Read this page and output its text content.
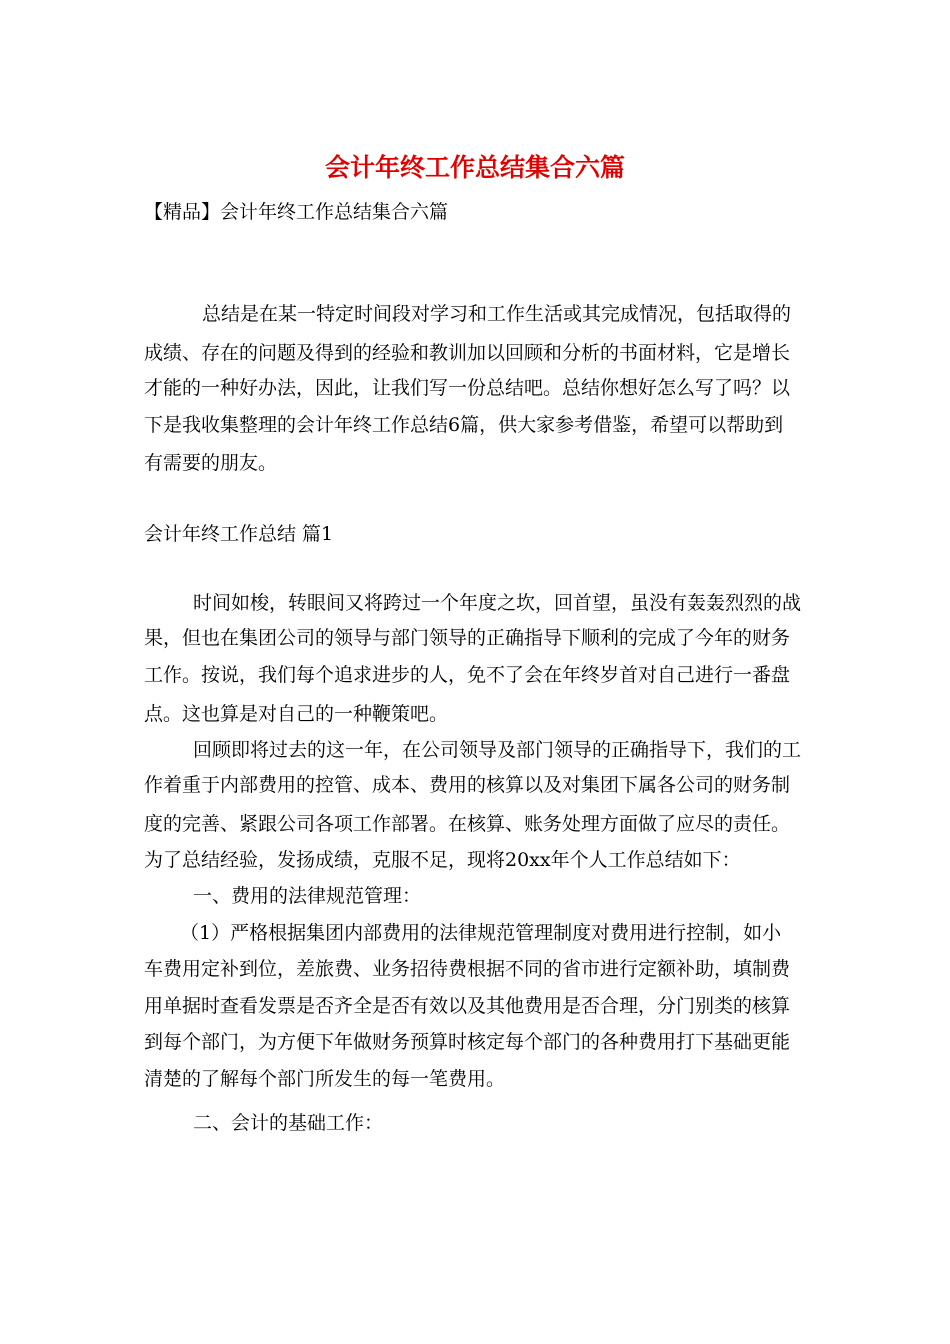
会计年终工作总结集合六篇
【精品】会计年终工作总结集合六篇
总结是在某一特定时间段对学习和工作生活或其完成情况，包括取得的
成绩、存在的问题及得到的经验和教训加以回顾和分析的书面材料，它是增长
才能的一种好办法，因此，让我们写一份总结吧。总结你想好怎么写了吗？以
下是我收集整理的会计年终工作总结6篇，供大家参考借鉴，希望可以帮助到
有需要的朋友。
会计年终工作总结 篇1
时间如梭，转眼间又将跨过一个年度之坎，回首望，虽没有轰轰烈烈的战
果，但也在集团公司的领导与部门领导的正确指导下顺利的完成了今年的财务
工作。按说，我们每个追求进步的人，免不了会在年终岁首对自己进行一番盘
点。这也算是对自己的一种鞭策吧。
回顾即将过去的这一年，在公司领导及部门领导的正确指导下，我们的工
作着重于内部费用的控管、成本、费用的核算以及对集团下属各公司的财务制
度的完善、紧跟公司各项工作部署。在核算、账务处理方面做了应尽的责任。
为了总结经验，发扬成绩，克服不足，现将20xx年个人工作总结如下：
一、费用的法律规范管理：
（1）严格根据集团内部费用的法律规范管理制度对费用进行控制，如小
车费用定补到位，差旅费、业务招待费根据不同的省市进行定额补助，填制费
用单据时查看发票是否齐全是否有效以及其他费用是否合理，分门别类的核算
到每个部门，为方便下年做财务预算时核定每个部门的各种费用打下基础更能
清楚的了解每个部门所发生的每一笔费用。
二、会计的基础工作：
